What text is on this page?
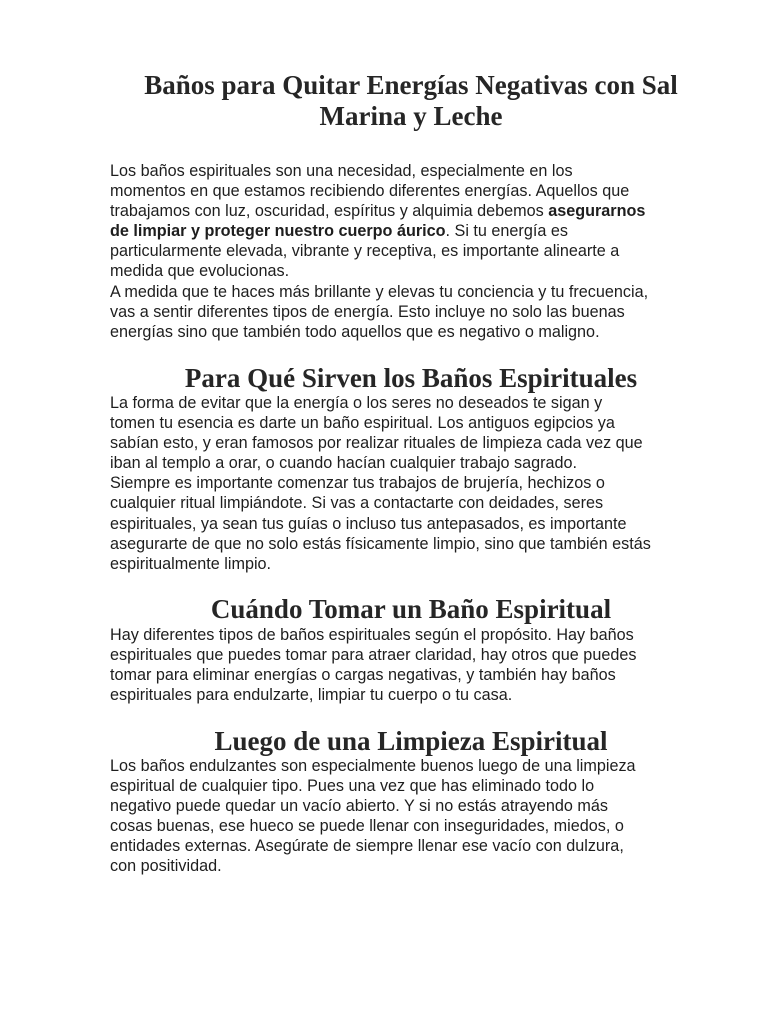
Baños para Quitar Energías Negativas con Sal
Marina y Leche
Los baños espirituales son una necesidad, especialmente en los
momentos en que estamos recibiendo diferentes energías. Aquellos que
trabajamos con luz, oscuridad, espíritus y alquimia debemos asegurarnos
de limpiar y proteger nuestro cuerpo áurico. Si tu energía es
particularmente elevada, vibrante y receptiva, es importante alinearte a
medida que evolucionas.
A medida que te haces más brillante y elevas tu conciencia y tu frecuencia,
vas a sentir diferentes tipos de energía. Esto incluye no solo las buenas
energías sino que también todo aquellos que es negativo o maligno.
Para Qué Sirven los Baños Espirituales
La forma de evitar que la energía o los seres no deseados te sigan y
tomen tu esencia es darte un baño espiritual. Los antiguos egipcios ya
sabían esto, y eran famosos por realizar rituales de limpieza cada vez que
iban al templo a orar, o cuando hacían cualquier trabajo sagrado.
Siempre es importante comenzar tus trabajos de brujería, hechizos o
cualquier ritual limpiándote. Si vas a contactarte con deidades, seres
espirituales, ya sean tus guías o incluso tus antepasados, es importante
asegurarte de que no solo estás físicamente limpio, sino que también estás
espiritualmente limpio.
Cuándo Tomar un Baño Espiritual
Hay diferentes tipos de baños espirituales según el propósito. Hay baños
espirituales que puedes tomar para atraer claridad, hay otros que puedes
tomar para eliminar energías o cargas negativas, y también hay baños
espirituales para endulzarte, limpiar tu cuerpo o tu casa.
Luego de una Limpieza Espiritual
Los baños endulzantes son especialmente buenos luego de una limpieza
espiritual de cualquier tipo. Pues una vez que has eliminado todo lo
negativo puede quedar un vacío abierto. Y si no estás atrayendo más
cosas buenas, ese hueco se puede llenar con inseguridades, miedos, o
entidades externas. Asegúrate de siempre llenar ese vacío con dulzura,
con positividad.
